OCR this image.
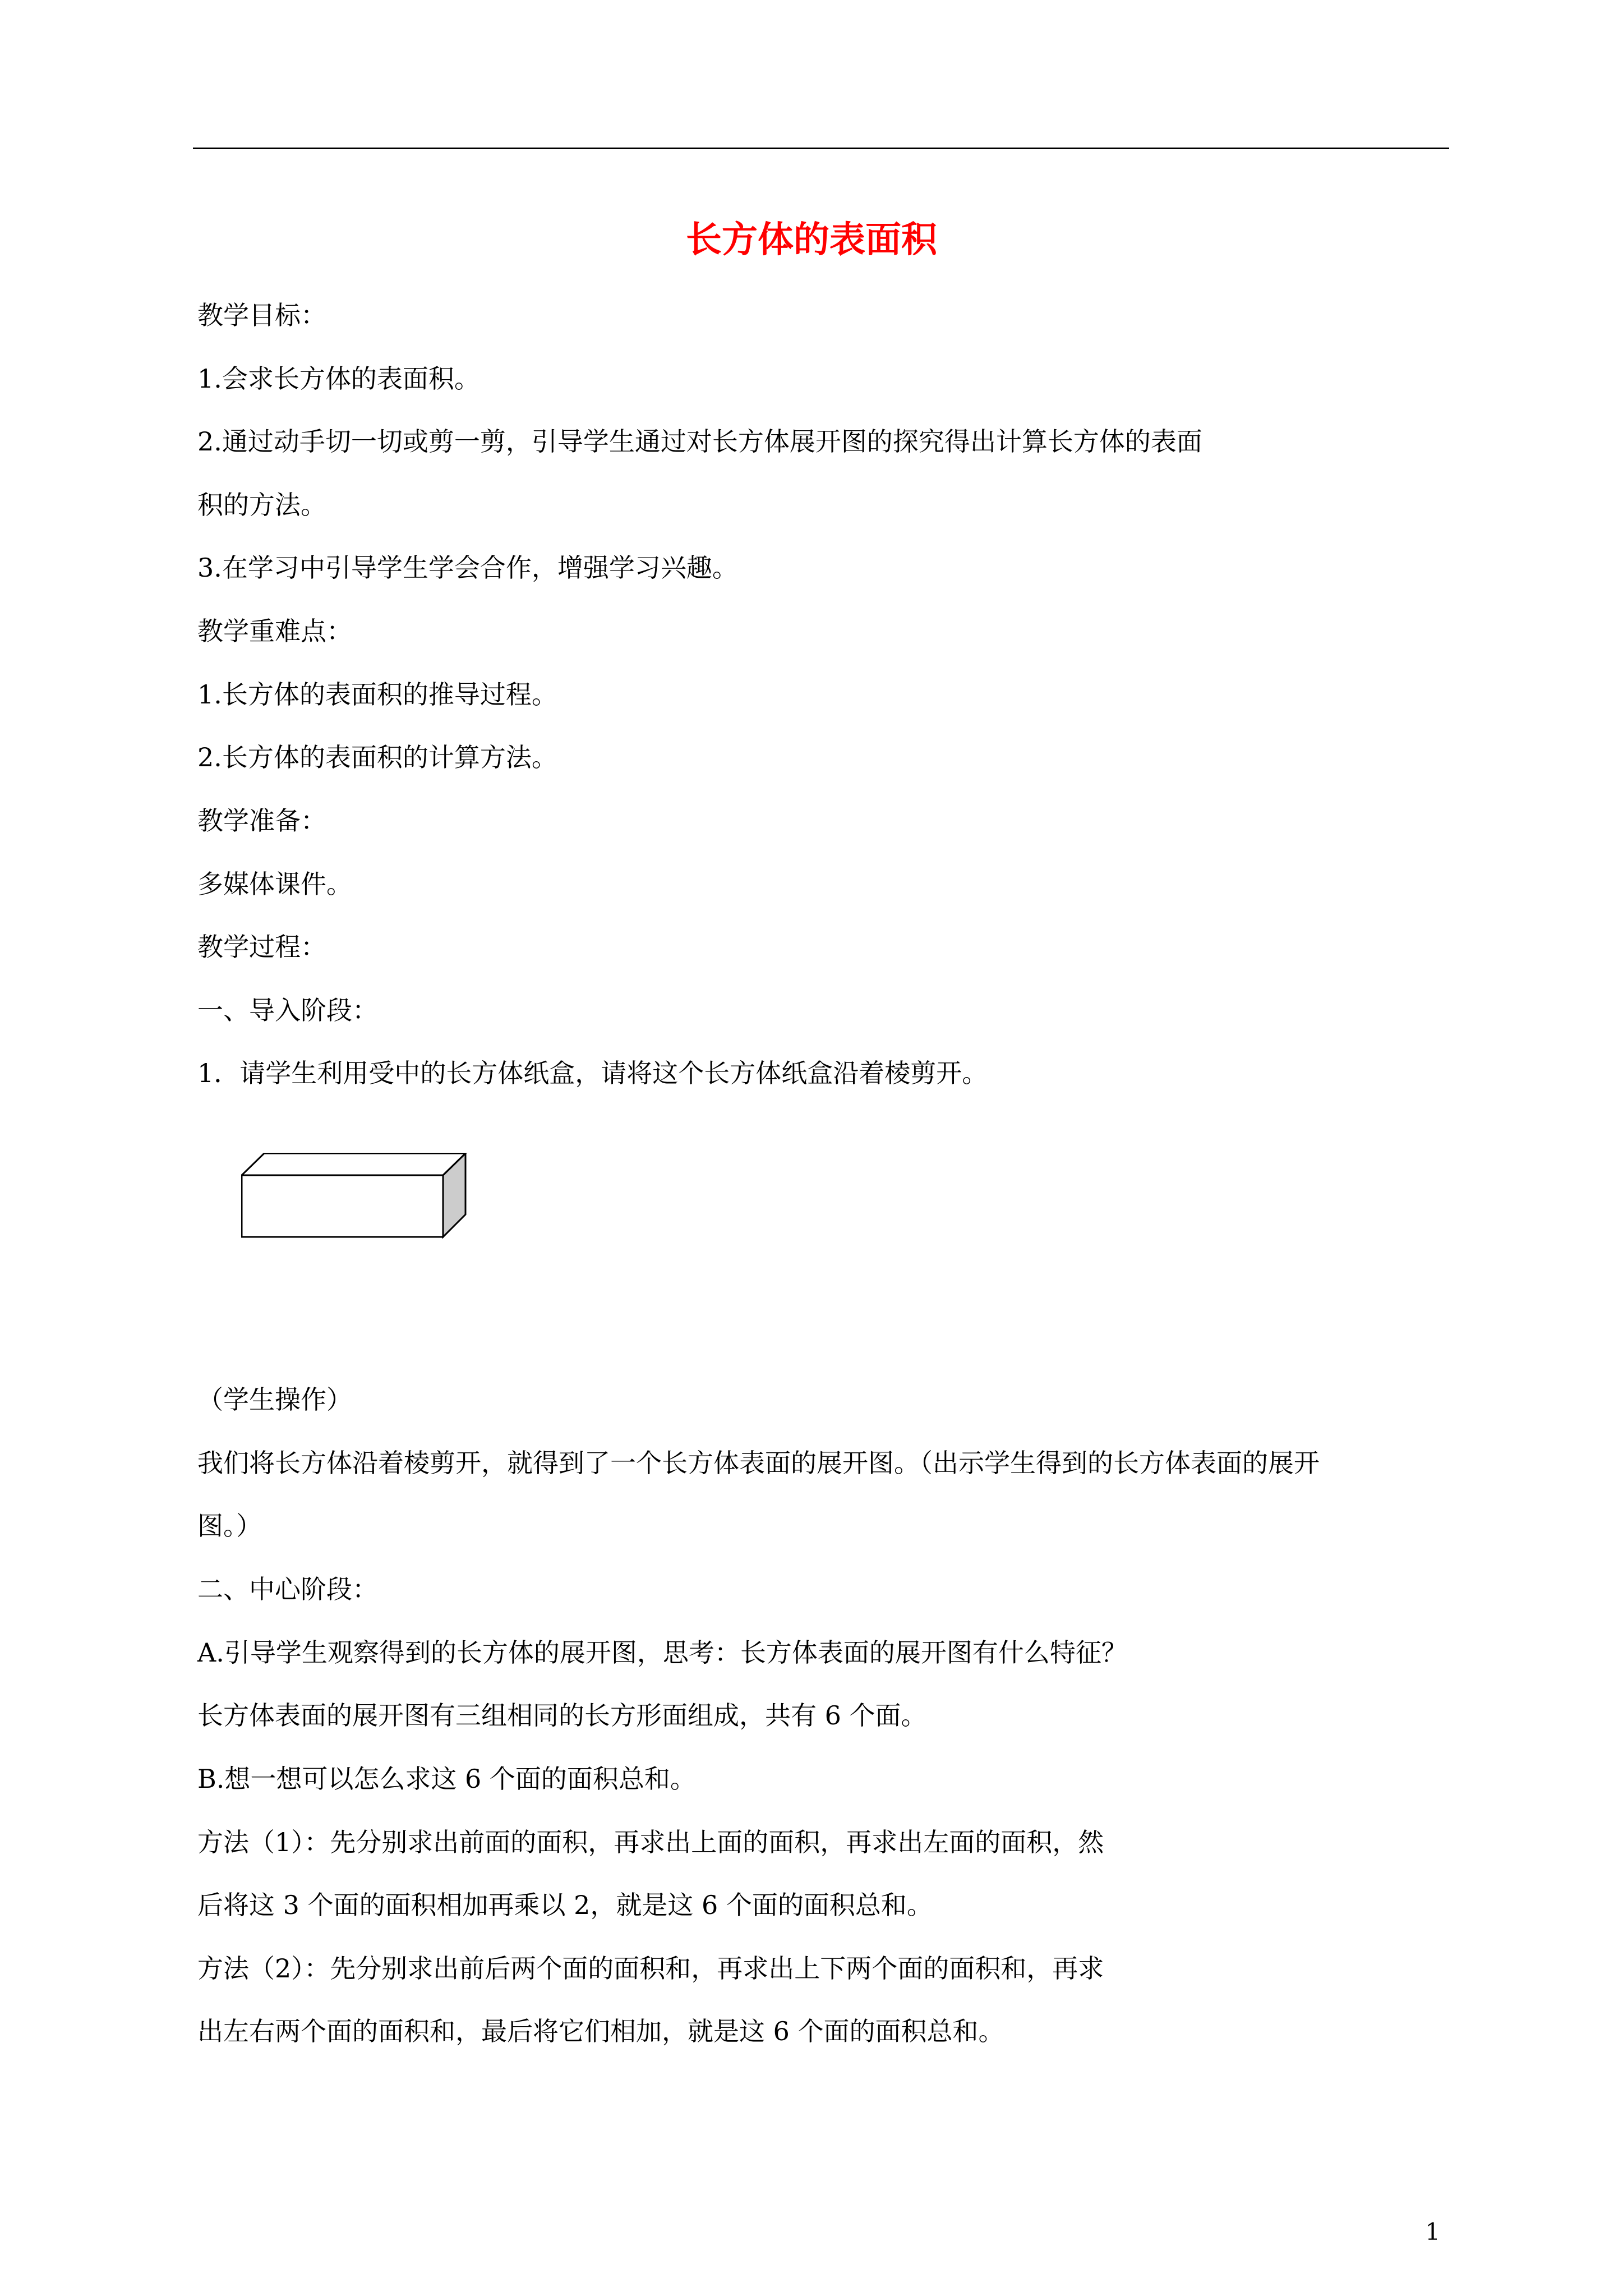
长方体的表面积
教学目标：
1.会求长方体的表面积。
2.通过动手切一切或剪一剪，引导学生通过对长方体展开图的探究得出计算长方体的表面
积的方法。
3.在学习中引导学生学会合作，增强学习兴趣。
教学重难点：
1.长方体的表面积的推导过程。
2.长方体的表面积的计算方法。
教学准备：
多媒体课件。
教学过程：
一、导入阶段：
1．请学生利用受中的长方体纸盒，请将这个长方体纸盒沿着棱剪开。
（学生操作）
我们将长方体沿着棱剪开，就得到了一个长方体表面的展开图。（出示学生得到的长方体表面的展开
图。）
二、中心阶段：
A.引导学生观察得到的长方体的展开图，思考：长方体表面的展开图有什么特征？
长方体表面的展开图有三组相同的长方形面组成，共有 6 个面。
B.想一想可以怎么求这 6 个面的面积总和。
方法（1）：先分别求出前面的面积，再求出上面的面积，再求出左面的面积，然
后将这 3 个面的面积相加再乘以 2，就是这 6 个面的面积总和。
方法（2）：先分别求出前后两个面的面积和，再求出上下两个面的面积和，再求
出左右两个面的面积和，最后将它们相加，就是这 6 个面的面积总和。
1
